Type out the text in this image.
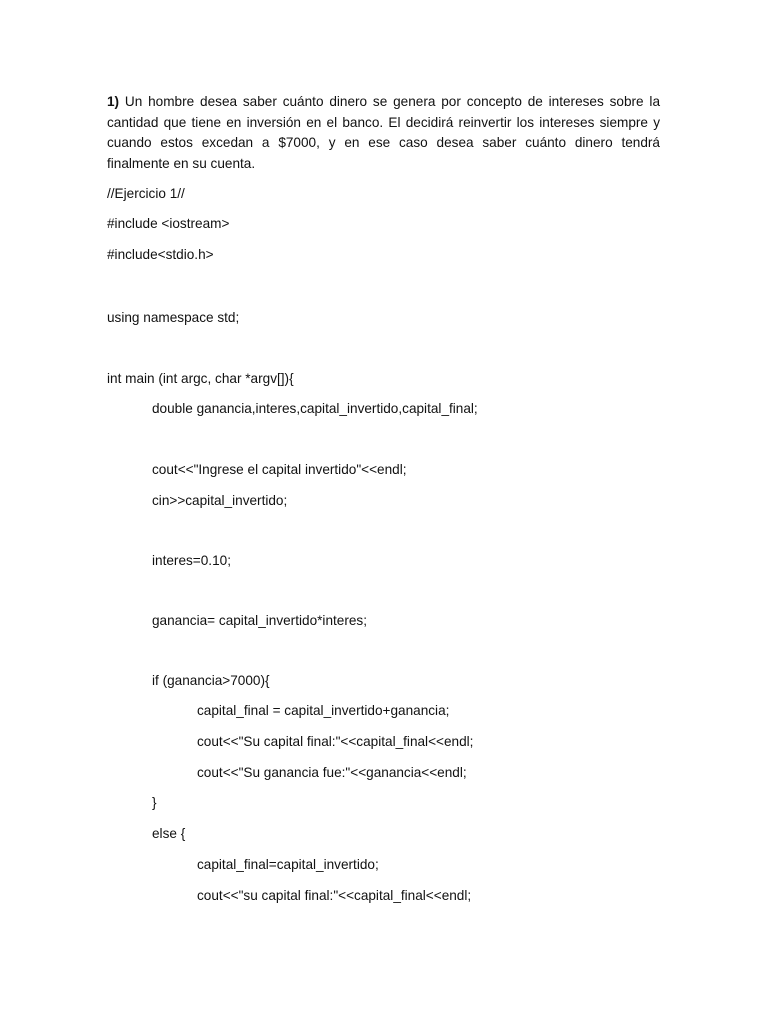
1) Un hombre desea saber cuánto dinero se genera por concepto de intereses sobre la cantidad que tiene en inversión en el banco. El decidirá reinvertir los intereses siempre y cuando estos excedan a $7000, y en ese caso desea saber cuánto dinero tendrá finalmente en su cuenta.

//Ejercicio 1//

#include <iostream>

#include<stdio.h>

using namespace std;

int main (int argc, char *argv[]){

double ganancia,interes,capital_invertido,capital_final;

cout<<"Ingrese el capital invertido"<<endl;

cin>>capital_invertido;

interes=0.10;

ganancia= capital_invertido*interes;

if (ganancia>7000){

capital_final = capital_invertido+ganancia;

cout<<"Su capital final:"<<capital_final<<endl;

cout<<"Su ganancia fue:"<<ganancia<<endl;

}

else {

capital_final=capital_invertido;

cout<<"su capital final:"<<capital_final<<endl;
